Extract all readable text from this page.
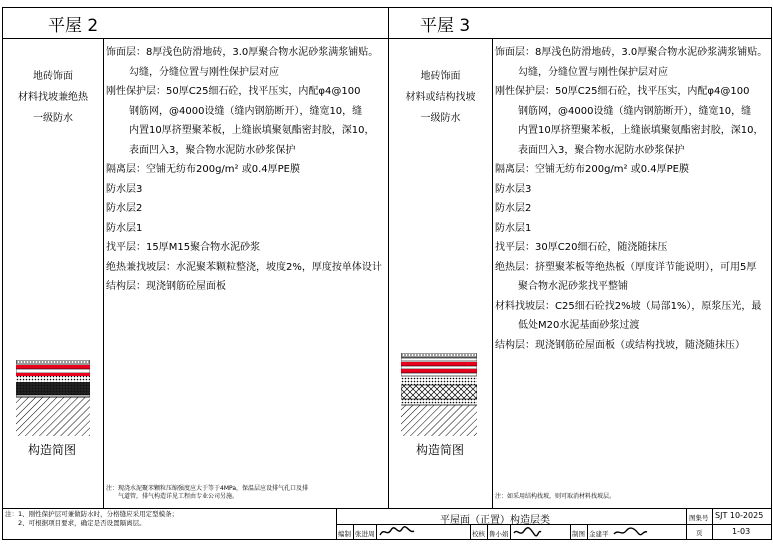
平屋 2
地砖饰面
材料找坡兼绝热
一级防水
饰面层：8厚浅色防滑地砖，3.0厚聚合物水泥砂浆满浆铺贴。
勾缝，分缝位置与刚性保护层对应
刚性保护层：50厚C25细石砼，找平压实，内配φ4@100
钢筋网，@4000设缝（缝内钢筋断开），缝宽10，缝
内置10厚挤塑聚苯板，上缝嵌填聚氨酯密封胶，深10，
表面凹入3，聚合物水泥防水砂浆保护
隔离层：空铺无纺布200g/m² 或0.4厚PE膜
防水层3
防水层2
防水层1
找平层：15厚M15聚合物水泥砂浆
绝热兼找坡层：水泥聚苯颗粒整浇，坡度2%，厚度按单体设计
结构层：现浇钢筋砼屋面板
构造简图
注：现浇水泥聚苯颗粒压缩强度应大于等于4MPa，保温层应设排气孔口及排
　　气道管，排气构造详见工程由专业公司另施。
平屋 3
地砖饰面
材料或结构找坡
一级防水
饰面层：8厚浅色防滑地砖，3.0厚聚合物水泥砂浆满浆铺贴。
勾缝，分缝位置与刚性保护层对应
刚性保护层：50厚C25细石砼，找平压实，内配φ4@100
钢筋网，@4000设缝（缝内钢筋断开），缝宽10，缝
内置10厚挤塑聚苯板，上缝嵌填聚氨酯密封胶，深10，
表面凹入3，聚合物水泥防水砂浆保护
隔离层：空铺无纺布200g/m² 或0.4厚PE膜
防水层3
防水层2
防水层1
找平层：30厚C20细石砼，随浇随抹压
绝热层：挤塑聚苯板等绝热板（厚度详节能说明），可用5厚
聚合物水泥砂浆找平整铺
材料找坡层：C25细石砼找2%坡（局部1%），原浆压光，最
低处M20水泥基面砂浆过渡
结构层：现浇钢筋砼屋面板（或结构找坡，随浇随抹压）
构造简图
注：如采用结构找坡，则可取消材料找坡层。
注：1、刚性保护层可兼做防水时，分格缝应采用定型模条；
　　2、可根据项目要求，确定是否设置隔离层。	平屋面（正置）构造层类	图集号 SJT 10-2025
页	1-03
编制 张进周	校核 鲁小娟	制图 金建平
